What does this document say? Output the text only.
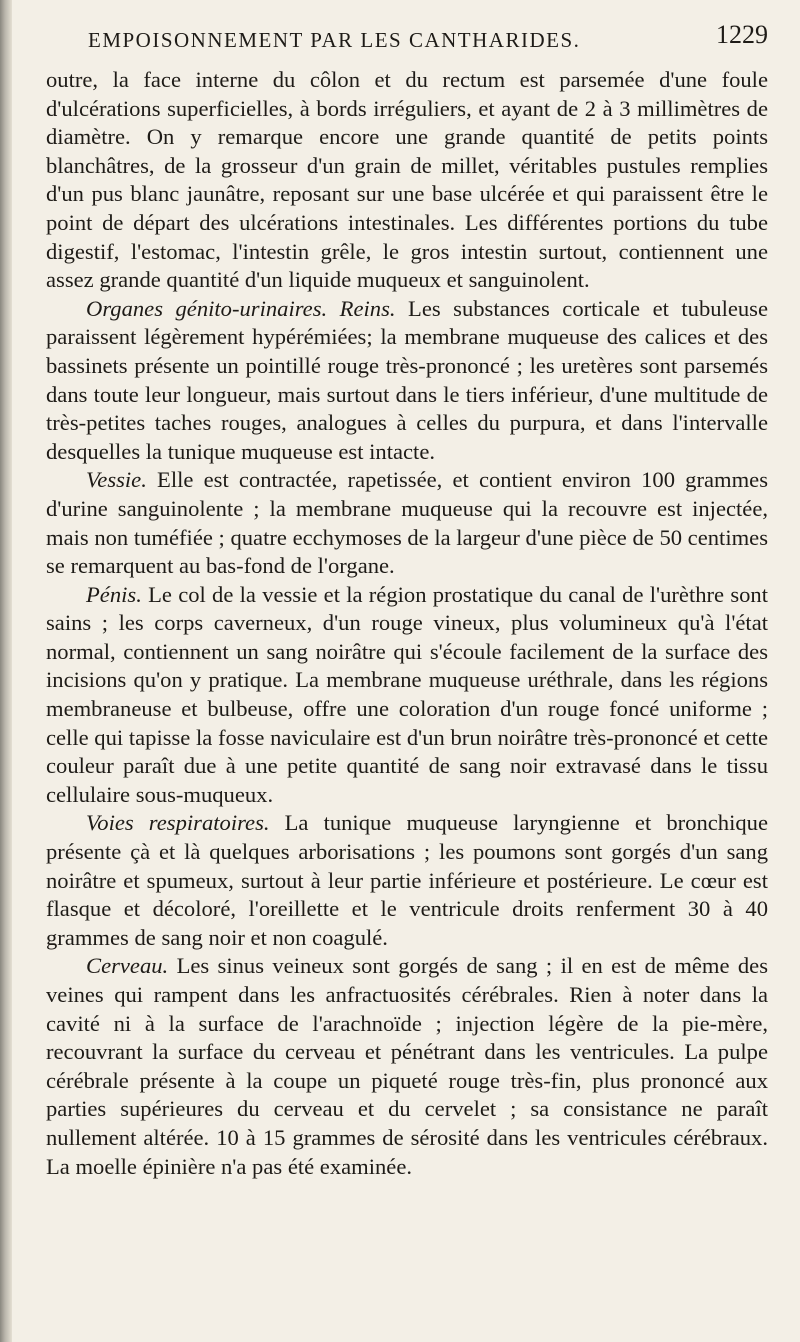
EMPOISONNEMENT PAR LES CANTHARIDES.	1229

outre, la face interne du côlon et du rectum est parsemée d'une foule d'ulcérations superficielles, à bords irréguliers, et ayant de 2 à 3 millimètres de diamètre. On y remarque encore une grande quantité de petits points blanchâtres, de la grosseur d'un grain de millet, véritables pustules remplies d'un pus blanc jaunâtre, reposant sur une base ulcérée et qui paraissent être le point de départ des ulcérations intestinales. Les différentes portions du tube digestif, l'estomac, l'intestin grêle, le gros intestin surtout, contiennent une assez grande quantité d'un liquide muqueux et sanguinolent.

Organes génito-urinaires. Reins. Les substances corticale et tubuleuse paraissent légèrement hypérémiées; la membrane muqueuse des calices et des bassinets présente un pointillé rouge très-prononcé ; les uretères sont parsemés dans toute leur longueur, mais surtout dans le tiers inférieur, d'une multitude de très-petites taches rouges, analogues à celles du purpura, et dans l'intervalle desquelles la tunique muqueuse est intacte.

Vessie. Elle est contractée, rapetissée, et contient environ 100 grammes d'urine sanguinolente ; la membrane muqueuse qui la recouvre est injectée, mais non tuméfiée ; quatre ecchymoses de la largeur d'une pièce de 50 centimes se remarquent au bas-fond de l'organe.

Pénis. Le col de la vessie et la région prostatique du canal de l'urèthre sont sains ; les corps caverneux, d'un rouge vineux, plus volumineux qu'à l'état normal, contiennent un sang noirâtre qui s'écoule facilement de la surface des incisions qu'on y pratique. La membrane muqueuse uréthrale, dans les régions membraneuse et bulbeuse, offre une coloration d'un rouge foncé uniforme ; celle qui tapisse la fosse naviculaire est d'un brun noirâtre très-prononcé et cette couleur paraît due à une petite quantité de sang noir extravasé dans le tissu cellulaire sous-muqueux.

Voies respiratoires. La tunique muqueuse laryngienne et bronchique présente çà et là quelques arborisations ; les poumons sont gorgés d'un sang noirâtre et spumeux, surtout à leur partie inférieure et postérieure. Le cœur est flasque et décoloré, l'oreillette et le ventricule droits renferment 30 à 40 grammes de sang noir et non coagulé.

Cerveau. Les sinus veineux sont gorgés de sang ; il en est de même des veines qui rampent dans les anfractuosités cérébrales. Rien à noter dans la cavité ni à la surface de l'arachnoïde ; injection légère de la pie-mère, recouvrant la surface du cerveau et pénétrant dans les ventricules. La pulpe cérébrale présente à la coupe un piqueté rouge très-fin, plus prononcé aux parties supérieures du cerveau et du cervelet ; sa consistance ne paraît nullement altérée. 10 à 15 grammes de sérosité dans les ventricules cérébraux. La moelle épinière n'a pas été examinée.
